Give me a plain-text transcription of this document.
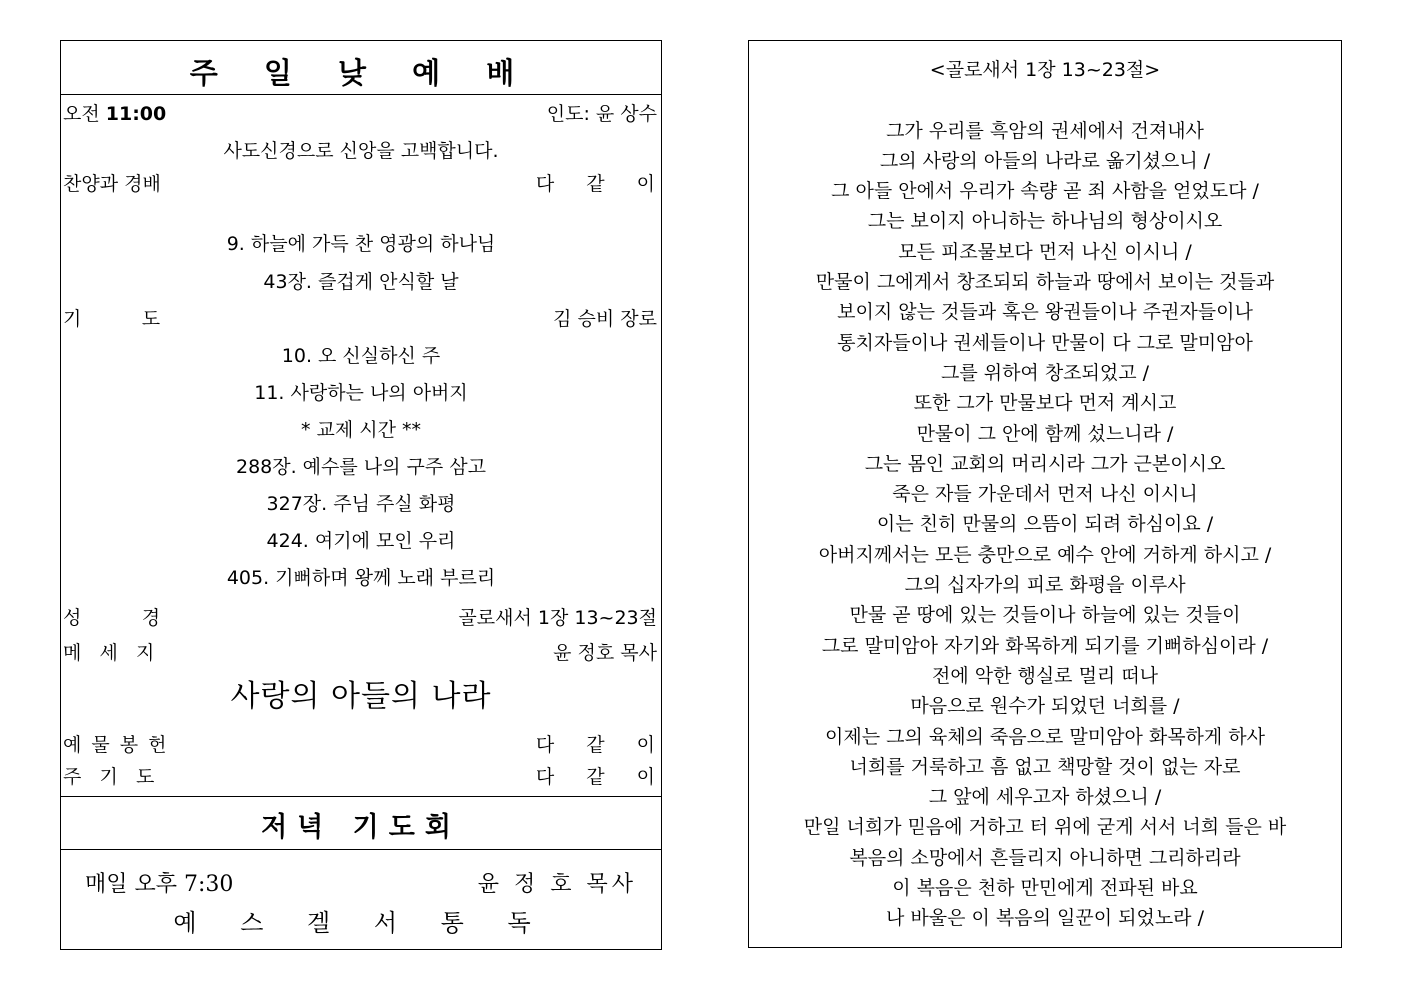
주 일 낮 예 배
오전 11:00	인도: 윤 상수
사도신경으로 신앙을 고백합니다.
찬양과 경배	다 같 이
9. 하늘에 가득 찬 영광의 하나님
43장. 즐겁게 안식할 날
기          도	김 승비 장로
10. 오 신실하신 주
11. 사랑하는 나의 아버지
* 교제 시간 **
288장. 예수를 나의 구주 삼고
327장. 주님 주실 화평
424. 여기에 모인 우리
405. 기뻐하며 왕께 노래 부르리
성          경	골로새서 1장 13~23절
메   세   지	윤 정호 목사
사랑의 아들의 나라
예 물 봉 헌	다 같 이
주   기   도	다 같 이
저녁 기도회
매일 오후 7:30	윤 정 호 목사
예 스 겔 서 통 독
<골로새서 1장 13~23절>

그가 우리를 흑암의 권세에서 건져내사
그의 사랑의 아들의 나라로 옮기셨으니 /
그 아들 안에서 우리가 속량 곧 죄 사함을 얻었도다 /
그는 보이지 아니하는 하나님의 형상이시오
모든 피조물보다 먼저 나신 이시니 /
만물이 그에게서 창조되되 하늘과 땅에서 보이는 것들과
보이지 않는 것들과 혹은 왕권들이나 주권자들이나
통치자들이나 권세들이나 만물이 다 그로 말미암아
그를 위하여 창조되었고 /
또한 그가 만물보다 먼저 계시고
만물이 그 안에 함께 섰느니라 /
그는 몸인 교회의 머리시라 그가 근본이시오
죽은 자들 가운데서 먼저 나신 이시니
이는 친히 만물의 으뜸이 되려 하심이요 /
아버지께서는 모든 충만으로 예수 안에 거하게 하시고 /
그의 십자가의 피로 화평을 이루사
만물 곧 땅에 있는 것들이나 하늘에 있는 것들이
그로 말미암아 자기와 화목하게 되기를 기뻐하심이라 /
전에 악한 행실로 멀리 떠나
마음으로 원수가 되었던 너희를 /
이제는 그의 육체의 죽음으로 말미암아 화목하게 하사
너희를 거룩하고 흠 없고 책망할 것이 없는 자로
그 앞에 세우고자 하셨으니 /
만일 너희가 믿음에 거하고 터 위에 굳게 서서 너희 들은 바
복음의 소망에서 흔들리지 아니하면 그리하리라
이 복음은 천하 만민에게 전파된 바요
나 바울은 이 복음의 일꾼이 되었노라 /
